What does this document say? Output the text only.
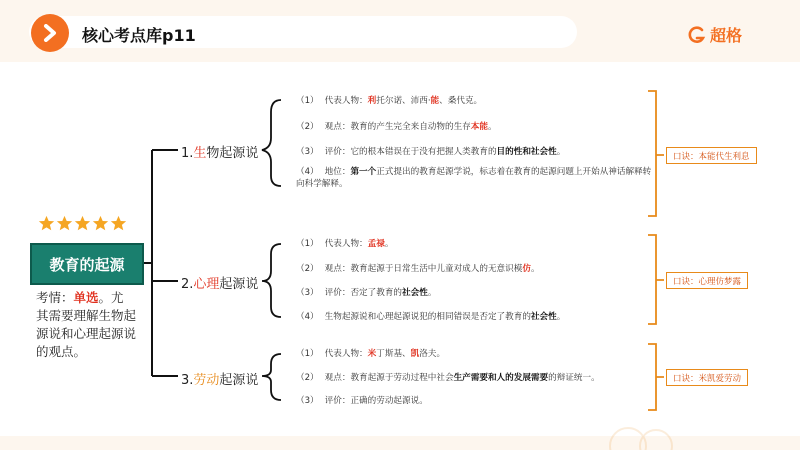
核心考点库p11	超格
教育的起源
考情：单选。尤其需要理解生物起源说和心理起源说的观点。
1.生物起源说
（1） 代表人物：利托尔诺、沛西·能、桑代克。
（2） 观点：教育的产生完全来自动物的生存本能。
（3） 评价：它的根本错误在于没有把握人类教育的目的性和社会性。
（4） 地位：第一个正式提出的教育起源学说，标志着在教育的起源问题上开始从神话解释转向科学解释。
口诀：本能代生利息
2.心理起源说
（1） 代表人物：孟禄。
（2） 观点：教育起源于日常生活中儿童对成人的无意识模仿。
（3） 评价：否定了教育的社会性。
（4） 生物起源说和心理起源说犯的相同错误是否定了教育的社会性。
口诀：心理仿梦露
3.劳动起源说
（1） 代表人物：米丁斯基、凯洛夫。
（2） 观点：教育起源于劳动过程中社会生产需要和人的发展需要的辩证统一。
（3） 评价：正确的劳动起源说。
口诀：米凯爱劳动
